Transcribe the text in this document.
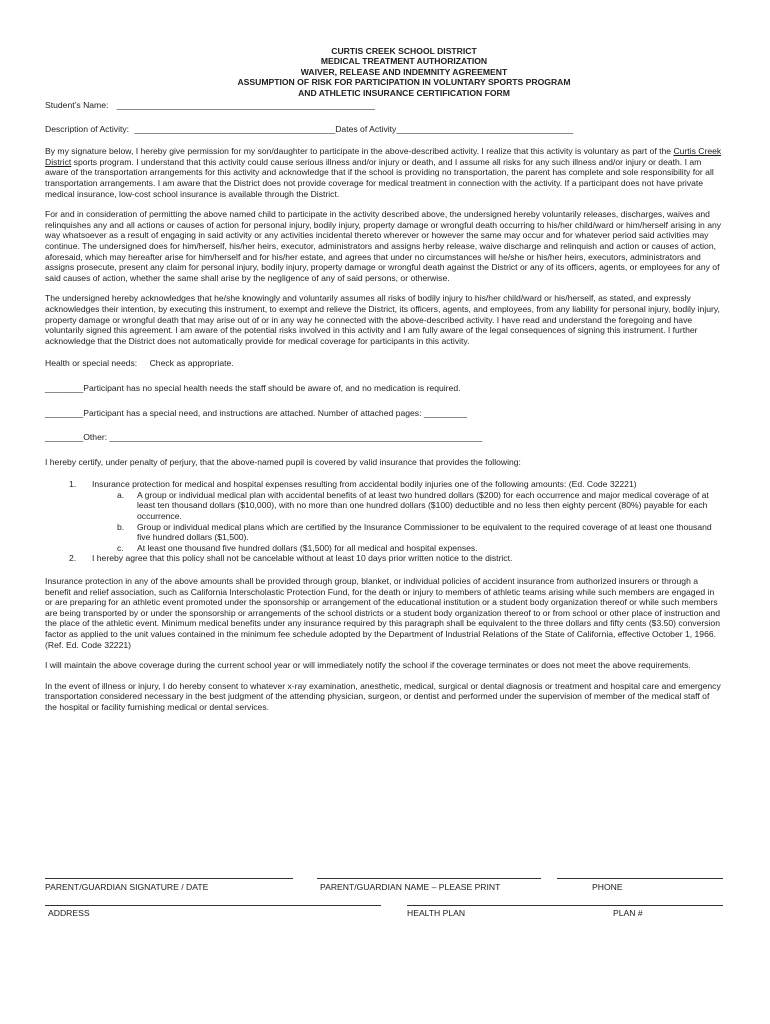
CURTIS CREEK SCHOOL DISTRICT
MEDICAL TREATMENT AUTHORIZATION
WAIVER, RELEASE AND INDEMNITY AGREEMENT
ASSUMPTION OF RISK FOR PARTICIPATION IN VOLUNTARY SPORTS PROGRAM
AND ATHLETIC INSURANCE CERTIFICATION FORM
Student’s Name: ______________________________________________________
Description of Activity: __________________________________________Dates of Activity_____________________________________

By my signature below, I hereby give permission for my son/daughter to participate in the above-described activity. I realize that this activity is voluntary as part of the Curtis Creek District sports program. I understand that this activity could cause serious illness and/or injury or death, and I assume all risks for any such illness and/or injury or death. I am aware of the transportation arrangements for this activity and acknowledge that if the school is providing no transportation, the parent has complete and sole responsibility for all transportation arrangements. I am aware that the District does not provide coverage for medical treatment in connection with the activity. If a participant does not have private medical insurance, low-cost school insurance is available through the District.

For and in consideration of permitting the above named child to participate in the activity described above, the undersigned hereby voluntarily releases, discharges, waives and relinquishes any and all actions or causes of action for personal injury, bodily injury, property damage or wrongful death occurring to his/her child/ward or him/herself arising in any way whatsoever as a result of engaging in said activity or any activities incidental thereto wherever or however the same may occur and for whatever period said activities may continue. The undersigned does for him/herself, his/her heirs, executor, administrators and assigns herby release, waive discharge and relinquish and action or causes of action, aforesaid, which may hereafter arise for him/herself and for his/her estate, and agrees that under no circumstances will he/she or his/her heirs, executors, administrators and assigns prosecute, present any claim for personal injury, bodily injury, property damage or wrongful death against the District or any of its officers, agents, or employees for any of said causes of action, whether the same shall arise by the negligence of any of said persons, or otherwise.

The undersigned hereby acknowledges that he/she knowingly and voluntarily assumes all risks of bodily injury to his/her child/ward or his/herself, as stated, and expressly acknowledges their intention, by executing this instrument, to exempt and relieve the District, its officers, agents, and employees, from any liability for personal injury, bodily injury, property damage or wrongful death that may arise out of or in any way he connected with the above-described activity. I have read and understand the foregoing and have voluntarily signed this agreement. I am aware of the potential risks involved in this activity and I am fully aware of the legal consequences of signing this instrument. I further acknowledge that the District does not automatically provide for medical coverage for participants in this activity.

Health or special needs: Check as appropriate.
________Participant has no special health needs the staff should be aware of, and no medication is required.
________Participant has a special need, and instructions are attached. Number of attached pages: _________
________Other: ______________________________________________________________________________

I hereby certify, under penalty of perjury, that the above-named pupil is covered by valid insurance that provides the following:

1. Insurance protection for medical and hospital expenses resulting from accidental bodily injuries one of the following amounts: (Ed. Code 32221)
a. A group or individual medical plan with accidental benefits of at least two hundred dollars ($200) for each occurrence and major medical coverage of at least ten thousand dollars ($10,000), with no more than one hundred dollars ($100) deductible and no less then eighty percent (80%) payable for each occurrence.
b. Group or individual medical plans which are certified by the Insurance Commissioner to be equivalent to the required coverage of at least one thousand five hundred dollars ($1,500).
c. At least one thousand five hundred dollars ($1,500) for all medical and hospital expenses.
2. I hereby agree that this policy shall not be cancelable without at least 10 days prior written notice to the district.

Insurance protection in any of the above amounts shall be provided through group, blanket, or individual policies of accident insurance from authorized insurers or through a benefit and relief association, such as California Interscholastic Protection Fund, for the death or injury to members of athletic teams arising while such members are engaged in or are preparing for an athletic event promoted under the sponsorship or arrangement of the educational institution or a student body organization thereof or while such members are being transported by or under the sponsorship or arrangements of the school districts or a student body organization thereof to or from school or other place of instruction and the place of the athletic event. Minimum medical benefits under any insurance required by this paragraph shall be equivalent to the three dollars and fifty cents ($3.50) conversion factor as applied to the unit values contained in the minimum fee schedule adopted by the Department of Industrial Relations of the State of California, effective October 1, 1966. (Ref. Ed. Code 32221)

I will maintain the above coverage during the current school year or will immediately notify the school if the coverage terminates or does not meet the above requirements.

In the event of illness or injury, I do hereby consent to whatever x-ray examination, anesthetic, medical, surgical or dental diagnosis or treatment and hospital care and emergency transportation considered necessary in the best judgment of the attending physician, surgeon, or dentist and performed under the supervision of member of the medical staff of the hospital or facility furnishing medical or dental services.

PARENT/GUARDIAN SIGNATURE / DATE	PARENT/GUARDIAN NAME – PLEASE PRINT	PHONE
ADDRESS	HEALTH PLAN	PLAN #
